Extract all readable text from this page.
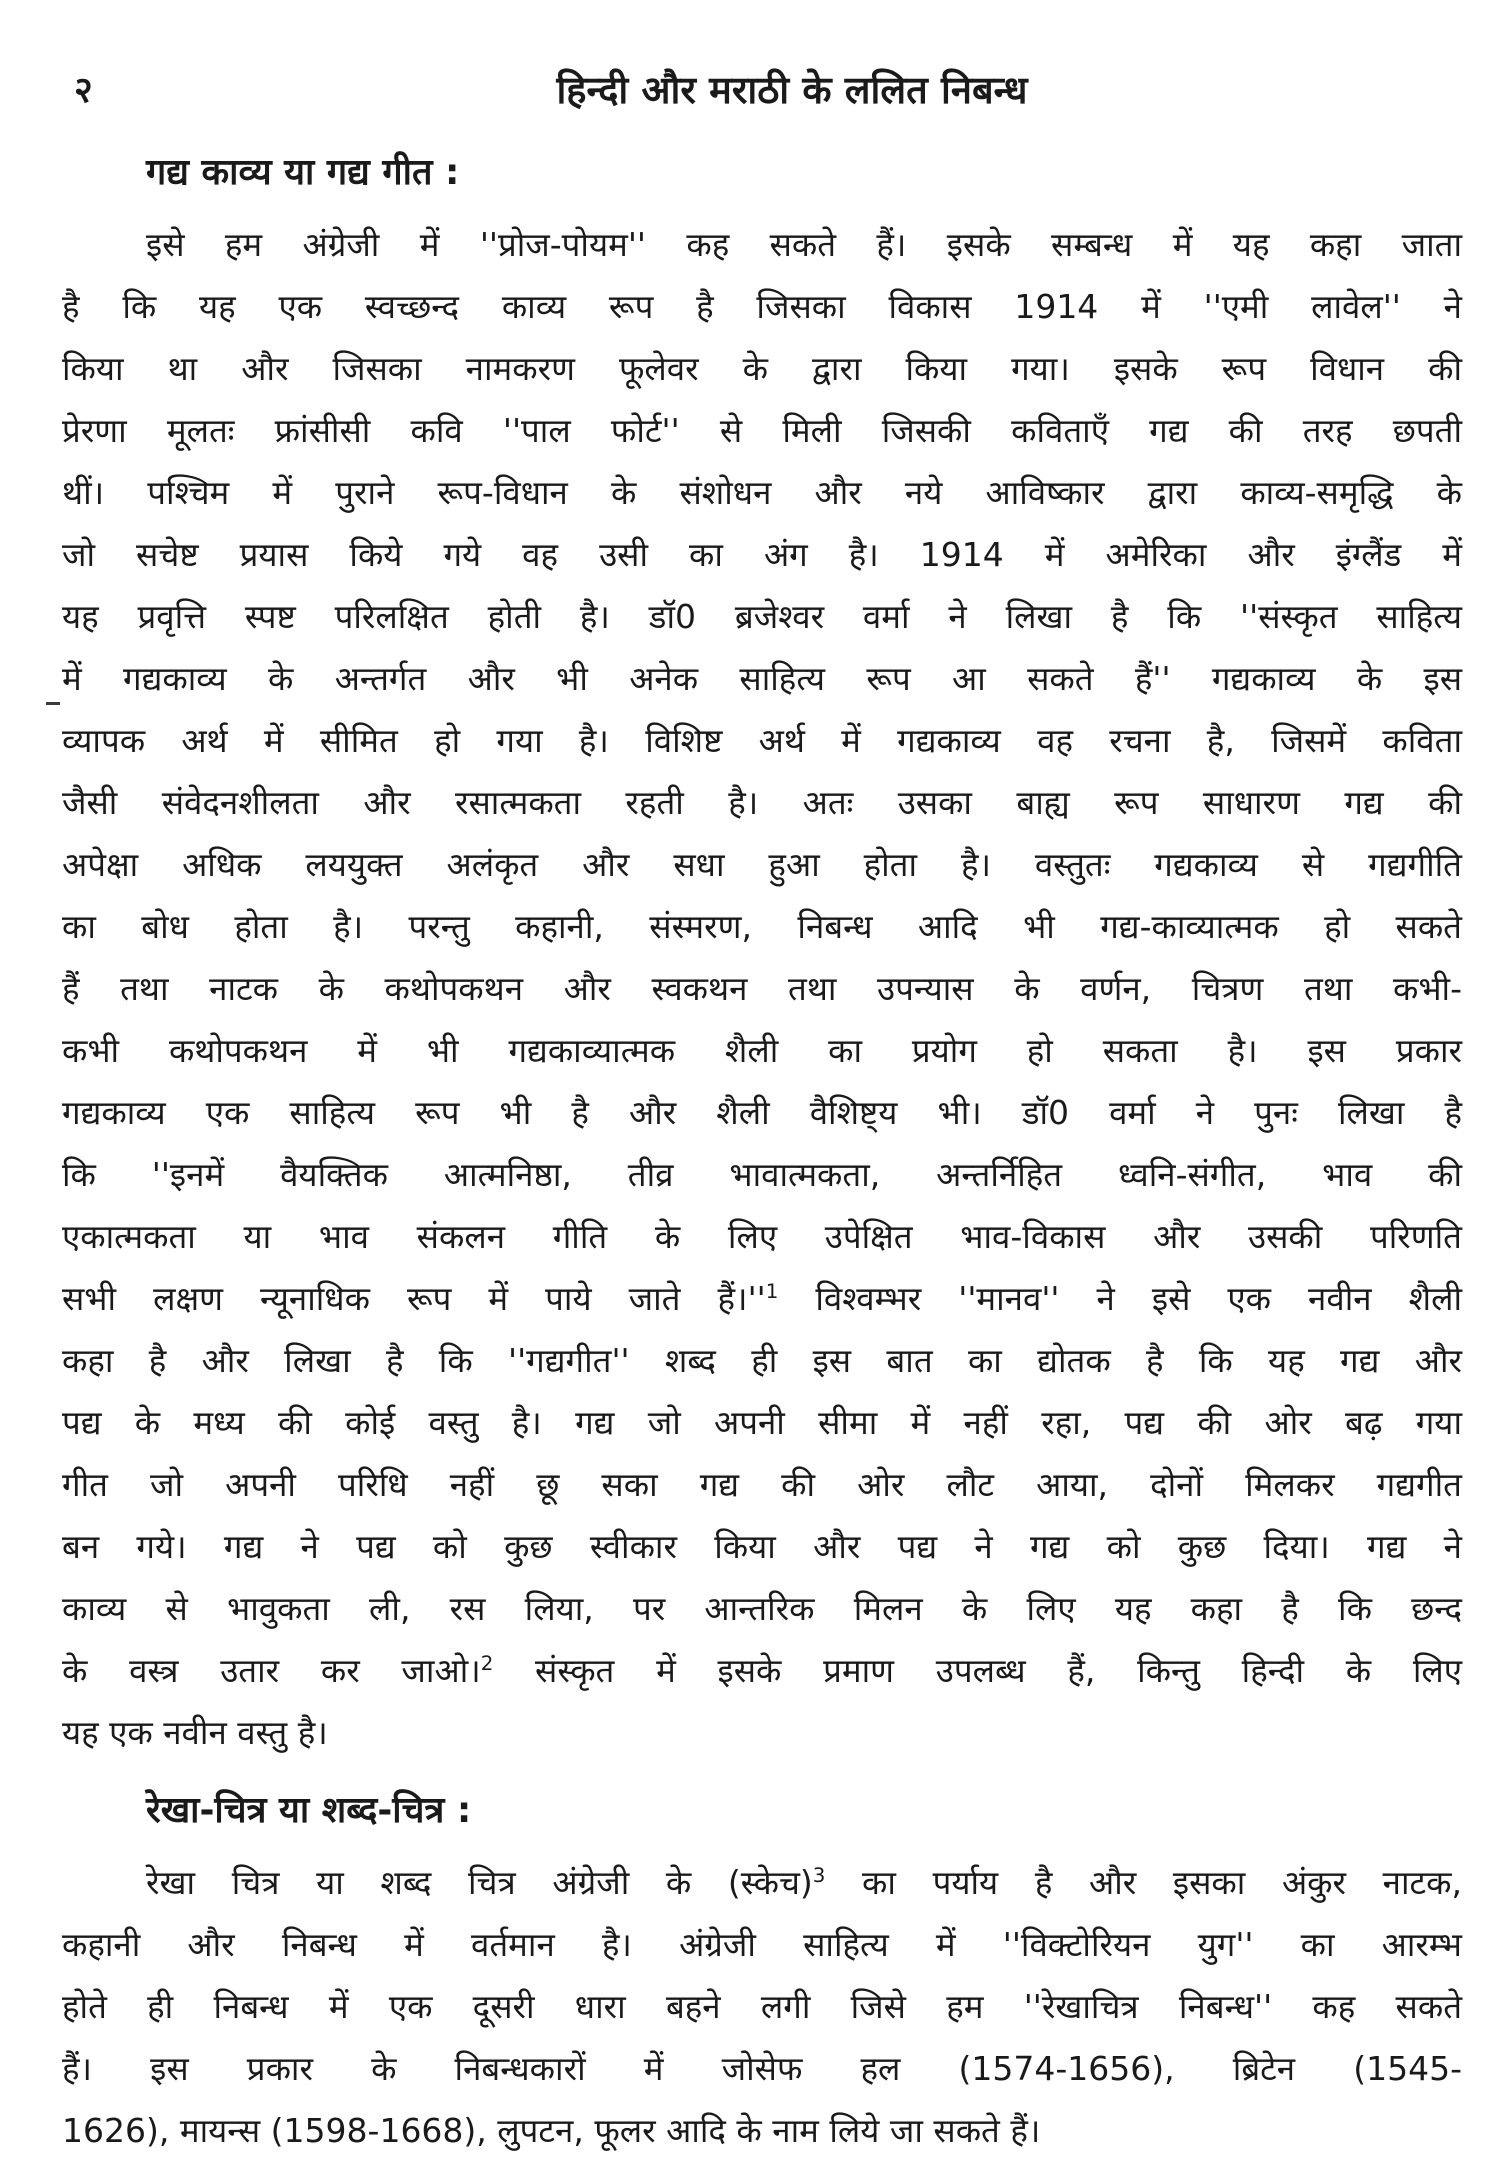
२	हिन्दी और मराठी के ललित निबन्ध
गद्य काव्य या गद्य गीत :
इसे हम अंग्रेजी में ''प्रोज-पोयम'' कह सकते हैं। इसके सम्बन्ध में यह कहा जाता
है कि यह एक स्वच्छन्द काव्य रूप है जिसका विकास 1914 में ''एमी लावेल'' ने
किया था और जिसका नामकरण फूलेवर के द्वारा किया गया। इसके रूप विधान की
प्रेरणा मूलतः फ्रांसीसी कवि ''पाल फोर्ट'' से मिली जिसकी कविताएँ गद्य की तरह छपती
थीं। पश्चिम में पुराने रूप-विधान के संशोधन और नये आविष्कार द्वारा काव्य-समृद्धि के
जो सचेष्ट प्रयास किये गये वह उसी का अंग है। 1914 में अमेरिका और इंग्लैंड में
यह प्रवृत्ति स्पष्ट परिलक्षित होती है। डॉ0 ब्रजेश्वर वर्मा ने लिखा है कि ''संस्कृत साहित्य
में गद्यकाव्य के अन्तर्गत और भी अनेक साहित्य रूप आ सकते हैं'' गद्यकाव्य के इस
व्यापक अर्थ में सीमित हो गया है। विशिष्ट अर्थ में गद्यकाव्य वह रचना है, जिसमें कविता
जैसी संवेदनशीलता और रसात्मकता रहती है। अतः उसका बाह्य रूप साधारण गद्य की
अपेक्षा अधिक लययुक्त अलंकृत और सधा हुआ होता है। वस्तुतः गद्यकाव्य से गद्यगीति
का बोध होता है। परन्तु कहानी, संस्मरण, निबन्ध आदि भी गद्य-काव्यात्मक हो सकते
हैं तथा नाटक के कथोपकथन और स्वकथन तथा उपन्यास के वर्णन, चित्रण तथा कभी-
कभी कथोपकथन में भी गद्यकाव्यात्मक शैली का प्रयोग हो सकता है। इस प्रकार
गद्यकाव्य एक साहित्य रूप भी है और शैली वैशिष्ट्य भी। डॉ0 वर्मा ने पुनः लिखा है
कि ''इनमें वैयक्तिक आत्मनिष्ठा, तीव्र भावात्मकता, अन्तर्निहित ध्वनि-संगीत, भाव की
एकात्मकता या भाव संकलन गीति के लिए उपेक्षित भाव-विकास और उसकी परिणति
सभी लक्षण न्यूनाधिक रूप में पाये जाते $हैं।''^1$ विश्वम्भर ''मानव'' ने इसे एक नवीन शैली
कहा है और लिखा है कि ''गद्यगीत'' शब्द ही इस बात का द्योतक है कि यह गद्य और
पद्य के मध्य की कोई वस्तु है। गद्य जो अपनी सीमा में नहीं रहा, पद्य की ओर बढ़ गया
गीत जो अपनी परिधि नहीं छू सका गद्य की ओर लौट आया, दोनों मिलकर गद्यगीत
बन गये। गद्य ने पद्य को कुछ स्वीकार किया और पद्य ने गद्य को कुछ दिया। गद्य ने
काव्य से भावुकता ली, रस लिया, पर आन्तरिक मिलन के लिए यह कहा है कि छन्द
के वस्त्र उतार कर जाओ।$^2$ संस्कृत में इसके प्रमाण उपलब्ध हैं, किन्तु हिन्दी के लिए
यह एक नवीन वस्तु है।
रेखा-चित्र या शब्द-चित्र :
रेखा चित्र या शब्द चित्र अंग्रेजी के (स्केच)$^3$ का पर्याय है और इसका अंकुर नाटक,
कहानी और निबन्ध में वर्तमान है। अंग्रेजी साहित्य में ''विक्टोरियन युग'' का आरम्भ
होते ही निबन्ध में एक दूसरी धारा बहने लगी जिसे हम ''रेखाचित्र निबन्ध'' कह सकते
हैं। इस प्रकार के निबन्धकारों में जोसेफ हल (1574-1656), ब्रिटेन (1545-
1626), मायन्स (1598-1668), लुपटन, फूलर आदि के नाम लिये जा सकते हैं।
